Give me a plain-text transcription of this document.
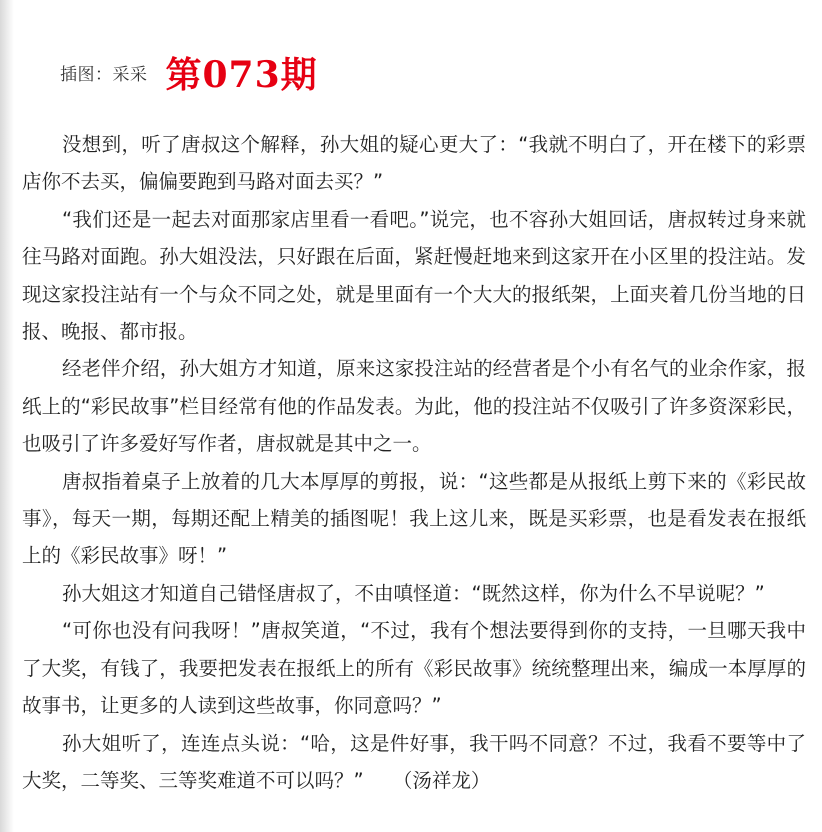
插图：采采 第073期

没想到，听了唐叔这个解释，孙大姐的疑心更大了：“我就不明白了，开在楼下的彩票店你不去买，偏偏要跑到马路对面去买？”

“我们还是一起去对面那家店里看一看吧。”说完，也不容孙大姐回话，唐叔转过身来就往马路对面跑。孙大姐没法，只好跟在后面，紧赶慢赶地来到这家开在小区里的投注站。发现这家投注站有一个与众不同之处，就是里面有一个大大的报纸架，上面夹着几份当地的日报、晚报、都市报。

经老伴介绍，孙大姐方才知道，原来这家投注站的经营者是个小有名气的业余作家，报纸上的“彩民故事”栏目经常有他的作品发表。为此，他的投注站不仅吸引了许多资深彩民，也吸引了许多爱好写作者，唐叔就是其中之一。

唐叔指着桌子上放着的几大本厚厚的剪报，说：“这些都是从报纸上剪下来的《彩民故事》，每天一期，每期还配上精美的插图呢！我上这儿来，既是买彩票，也是看发表在报纸上的《彩民故事》呀！”

孙大姐这才知道自己错怪唐叔了，不由嗔怪道：“既然这样，你为什么不早说呢？”

“可你也没有问我呀！”唐叔笑道，“不过，我有个想法要得到你的支持，一旦哪天我中了大奖，有钱了，我要把发表在报纸上的所有《彩民故事》统统整理出来，编成一本厚厚的故事书，让更多的人读到这些故事，你同意吗？”

孙大姐听了，连连点头说：“哈，这是件好事，我干吗不同意？不过，我看不要等中了大奖，二等奖、三等奖难道不可以吗？”　　（汤祥龙）
